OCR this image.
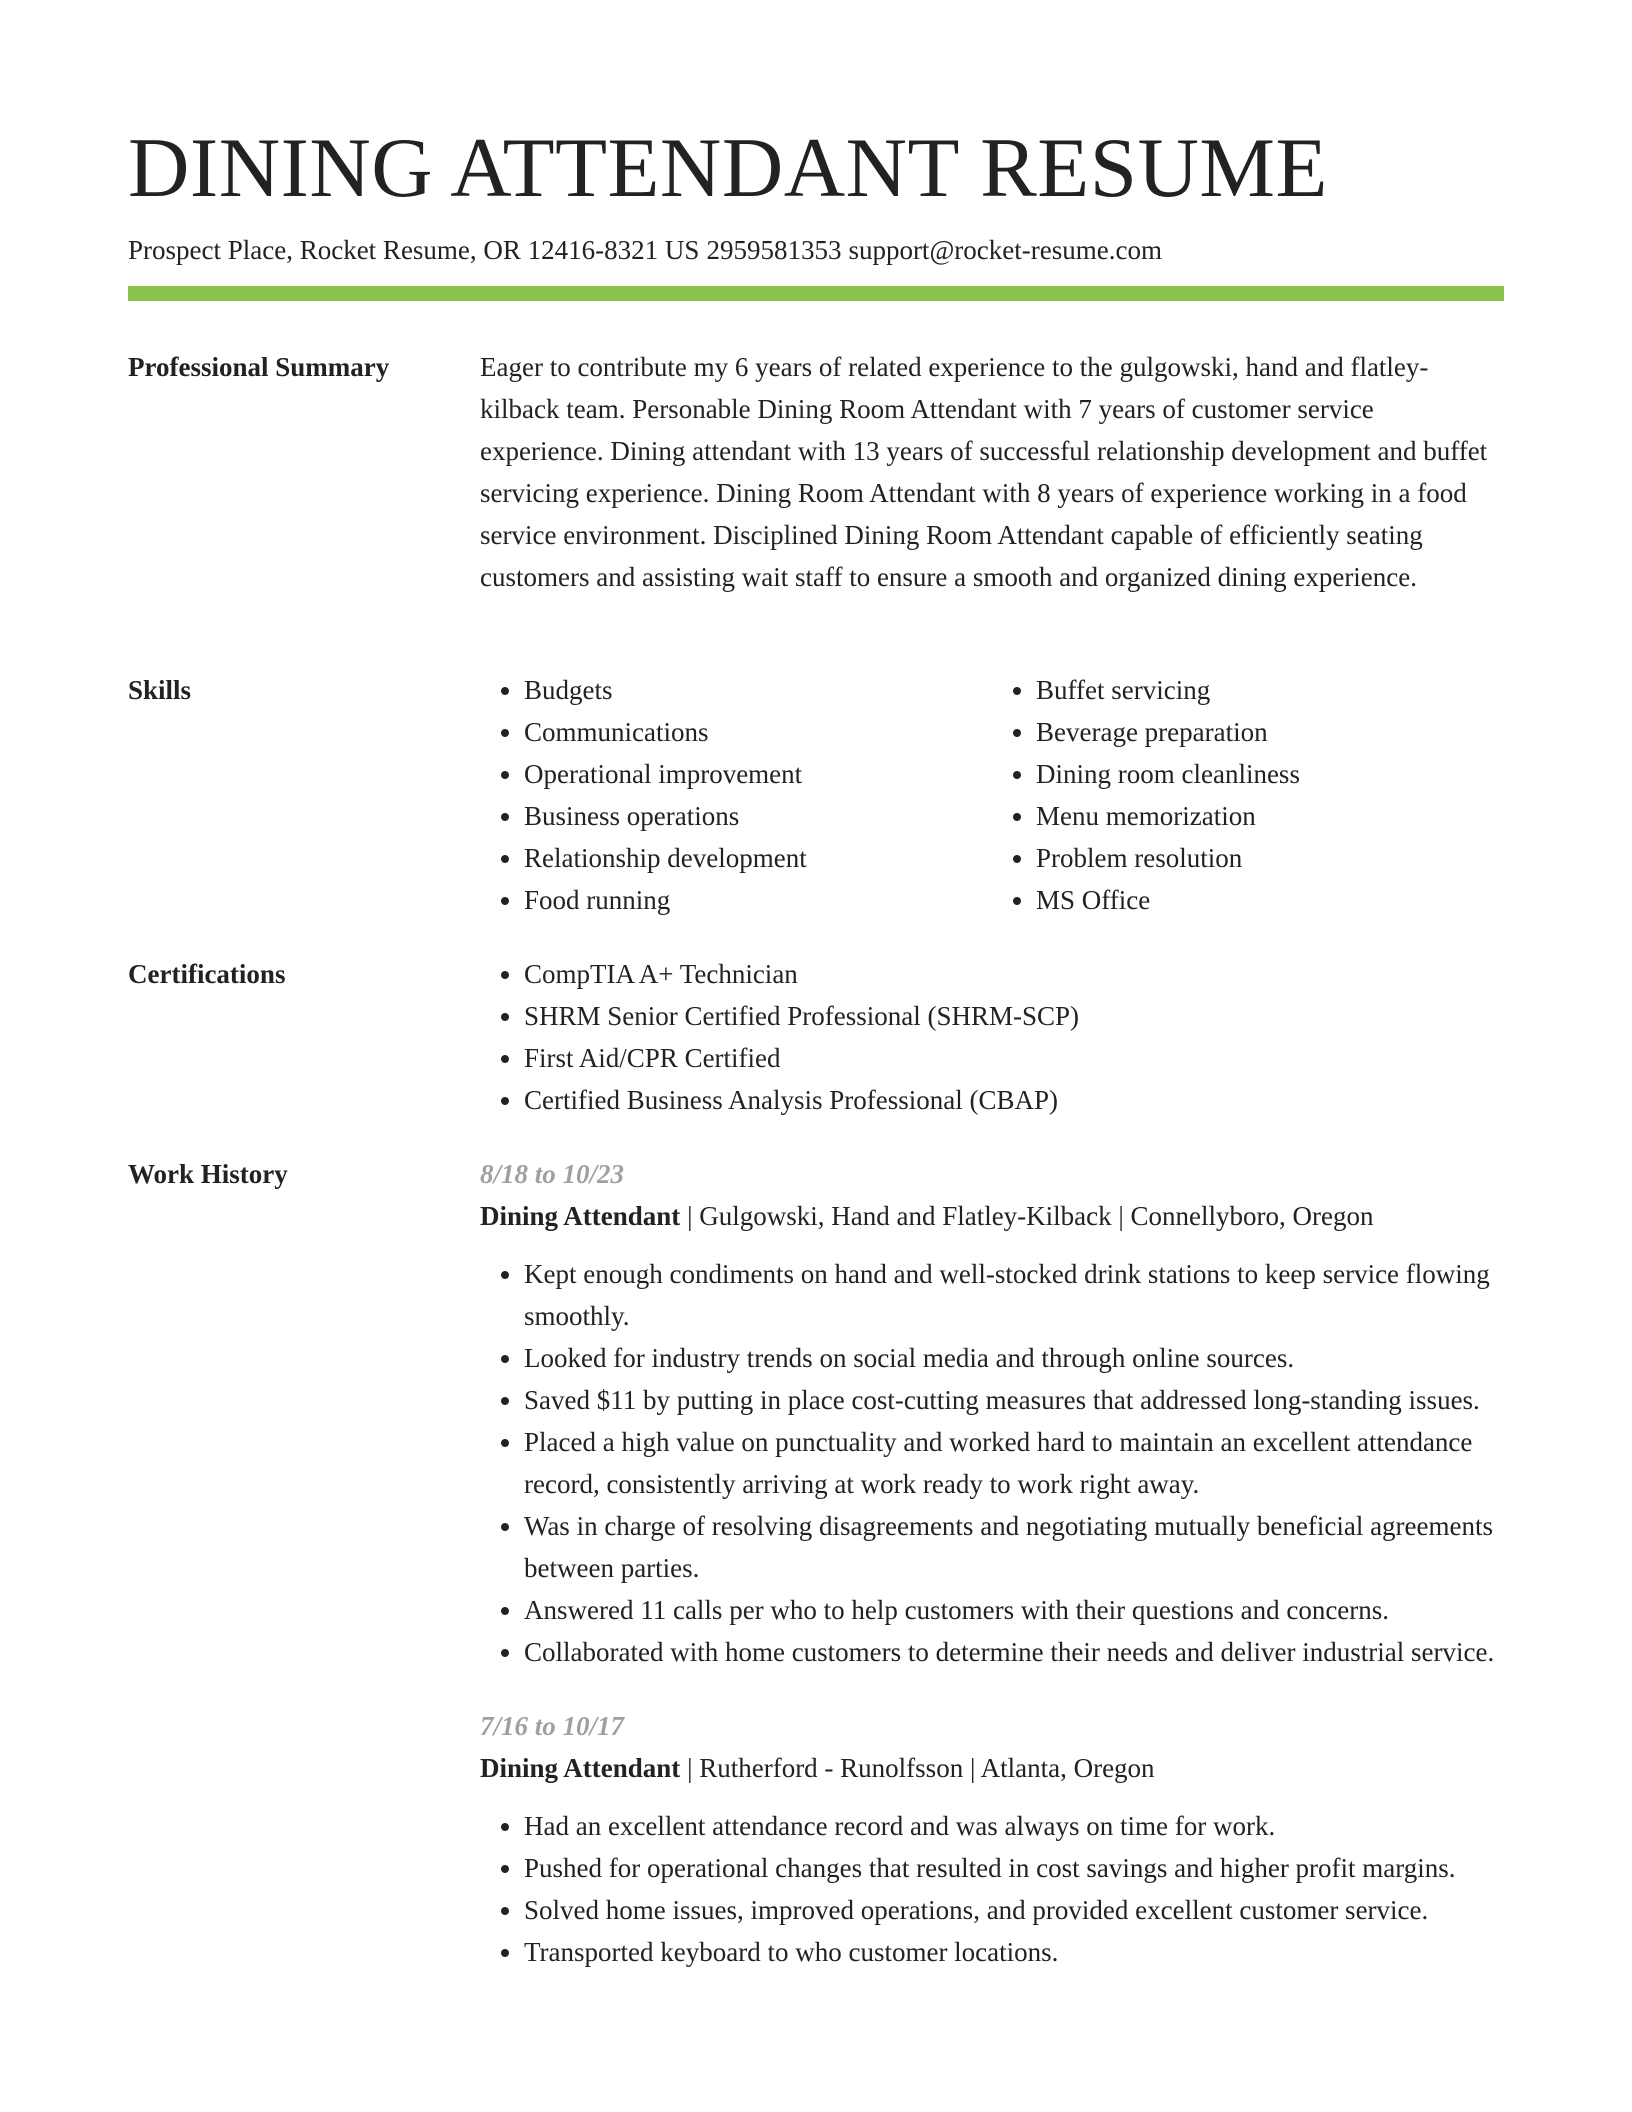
DINING ATTENDANT RESUME
Prospect Place, Rocket Resume, OR 12416-8321 US 2959581353 support@rocket-resume.com
Professional Summary	Eager to contribute my 6 years of related experience to the gulgowski, hand and flatley-kilback team. Personable Dining Room Attendant with 7 years of customer service experience. Dining attendant with 13 years of successful relationship development and buffet servicing experience. Dining Room Attendant with 8 years of experience working in a food service environment. Disciplined Dining Room Attendant capable of efficiently seating customers and assisting wait staff to ensure a smooth and organized dining experience.

Skills	• Budgets
• Communications
• Operational improvement
• Business operations
• Relationship development
• Food running
• Buffet servicing
• Beverage preparation
• Dining room cleanliness
• Menu memorization
• Problem resolution
• MS Office
Certifications	• CompTIA A+ Technician
• SHRM Senior Certified Professional (SHRM-SCP)
• First Aid/CPR Certified
• Certified Business Analysis Professional (CBAP)
Work History	8/18 to 10/23
Dining Attendant | Gulgowski, Hand and Flatley-Kilback | Connellyboro, Oregon
• Kept enough condiments on hand and well-stocked drink stations to keep service flowing smoothly.
• Looked for industry trends on social media and through online sources.
• Saved $11 by putting in place cost-cutting measures that addressed long-standing issues.
• Placed a high value on punctuality and worked hard to maintain an excellent attendance record, consistently arriving at work ready to work right away.
• Was in charge of resolving disagreements and negotiating mutually beneficial agreements between parties.
• Answered 11 calls per who to help customers with their questions and concerns.
• Collaborated with home customers to determine their needs and deliver industrial service.
7/16 to 10/17
Dining Attendant | Rutherford - Runolfsson | Atlanta, Oregon
• Had an excellent attendance record and was always on time for work.
• Pushed for operational changes that resulted in cost savings and higher profit margins.
• Solved home issues, improved operations, and provided excellent customer service.
• Transported keyboard to who customer locations.
